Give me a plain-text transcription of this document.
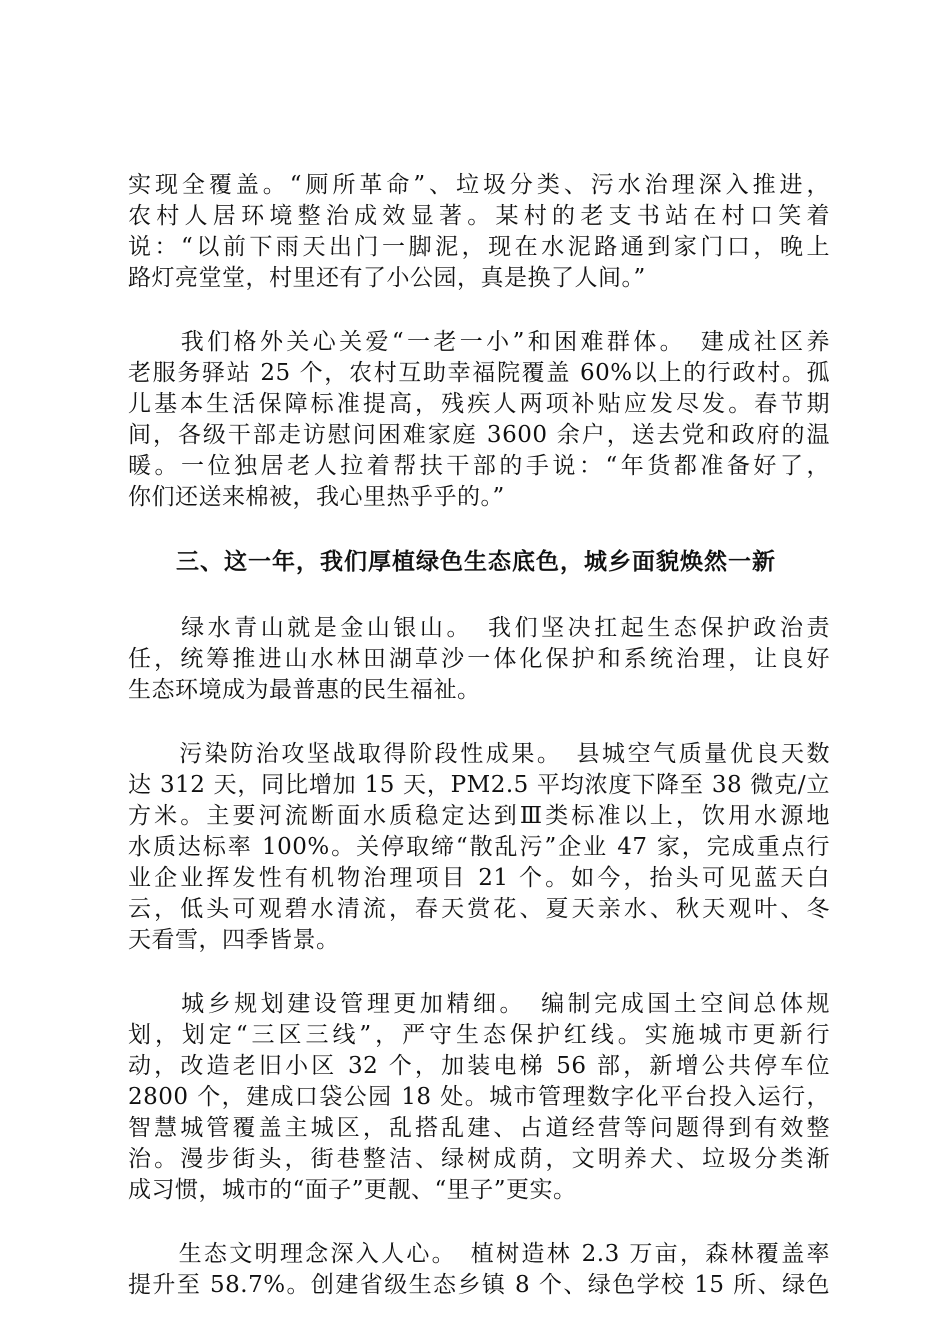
实现全覆盖。“厕所革命”、垃圾分类、污水治理深入推进，
农村人居环境整治成效显著。某村的老支书站在村口笑着
说：“以前下雨天出门一脚泥，现在水泥路通到家门口，晚上
路灯亮堂堂，村里还有了小公园，真是换了人间。”
　　我们格外关心关爱“一老一小”和困难群体。　建成社区养
老服务驿站 25 个，农村互助幸福院覆盖 60%以上的行政村。孤
儿基本生活保障标准提高，残疾人两项补贴应发尽发。春节期
间，各级干部走访慰问困难家庭 3600 余户，送去党和政府的温
暖。一位独居老人拉着帮扶干部的手说：“年货都准备好了，
你们还送来棉被，我心里热乎乎的。”
　　三、这一年，我们厚植绿色生态底色，城乡面貌焕然一新
　　绿水青山就是金山银山。　我们坚决扛起生态保护政治责
任，统筹推进山水林田湖草沙一体化保护和系统治理，让良好
生态环境成为最普惠的民生福祉。
　　污染防治攻坚战取得阶段性成果。　县城空气质量优良天数
达 312 天，同比增加 15 天，PM2.5 平均浓度下降至 38 微克/立
方米。主要河流断面水质稳定达到Ⅲ类标准以上，饮用水源地
水质达标率 100%。关停取缔“散乱污”企业 47 家，完成重点行
业企业挥发性有机物治理项目 21 个。如今，抬头可见蓝天白
云，低头可观碧水清流，春天赏花、夏天亲水、秋天观叶、冬
天看雪，四季皆景。
　　城乡规划建设管理更加精细。　编制完成国土空间总体规
划，划定“三区三线”，严守生态保护红线。实施城市更新行
动，改造老旧小区 32 个，加装电梯 56 部，新增公共停车位
2800 个，建成口袋公园 18 处。城市管理数字化平台投入运行，
智慧城管覆盖主城区，乱搭乱建、占道经营等问题得到有效整
治。漫步街头，街巷整洁、绿树成荫，文明养犬、垃圾分类渐
成习惯，城市的“面子”更靓、“里子”更实。
　　生态文明理念深入人心。　植树造林 2.3 万亩，森林覆盖率
提升至 58.7%。创建省级生态乡镇 8 个、绿色学校 15 所、绿色
